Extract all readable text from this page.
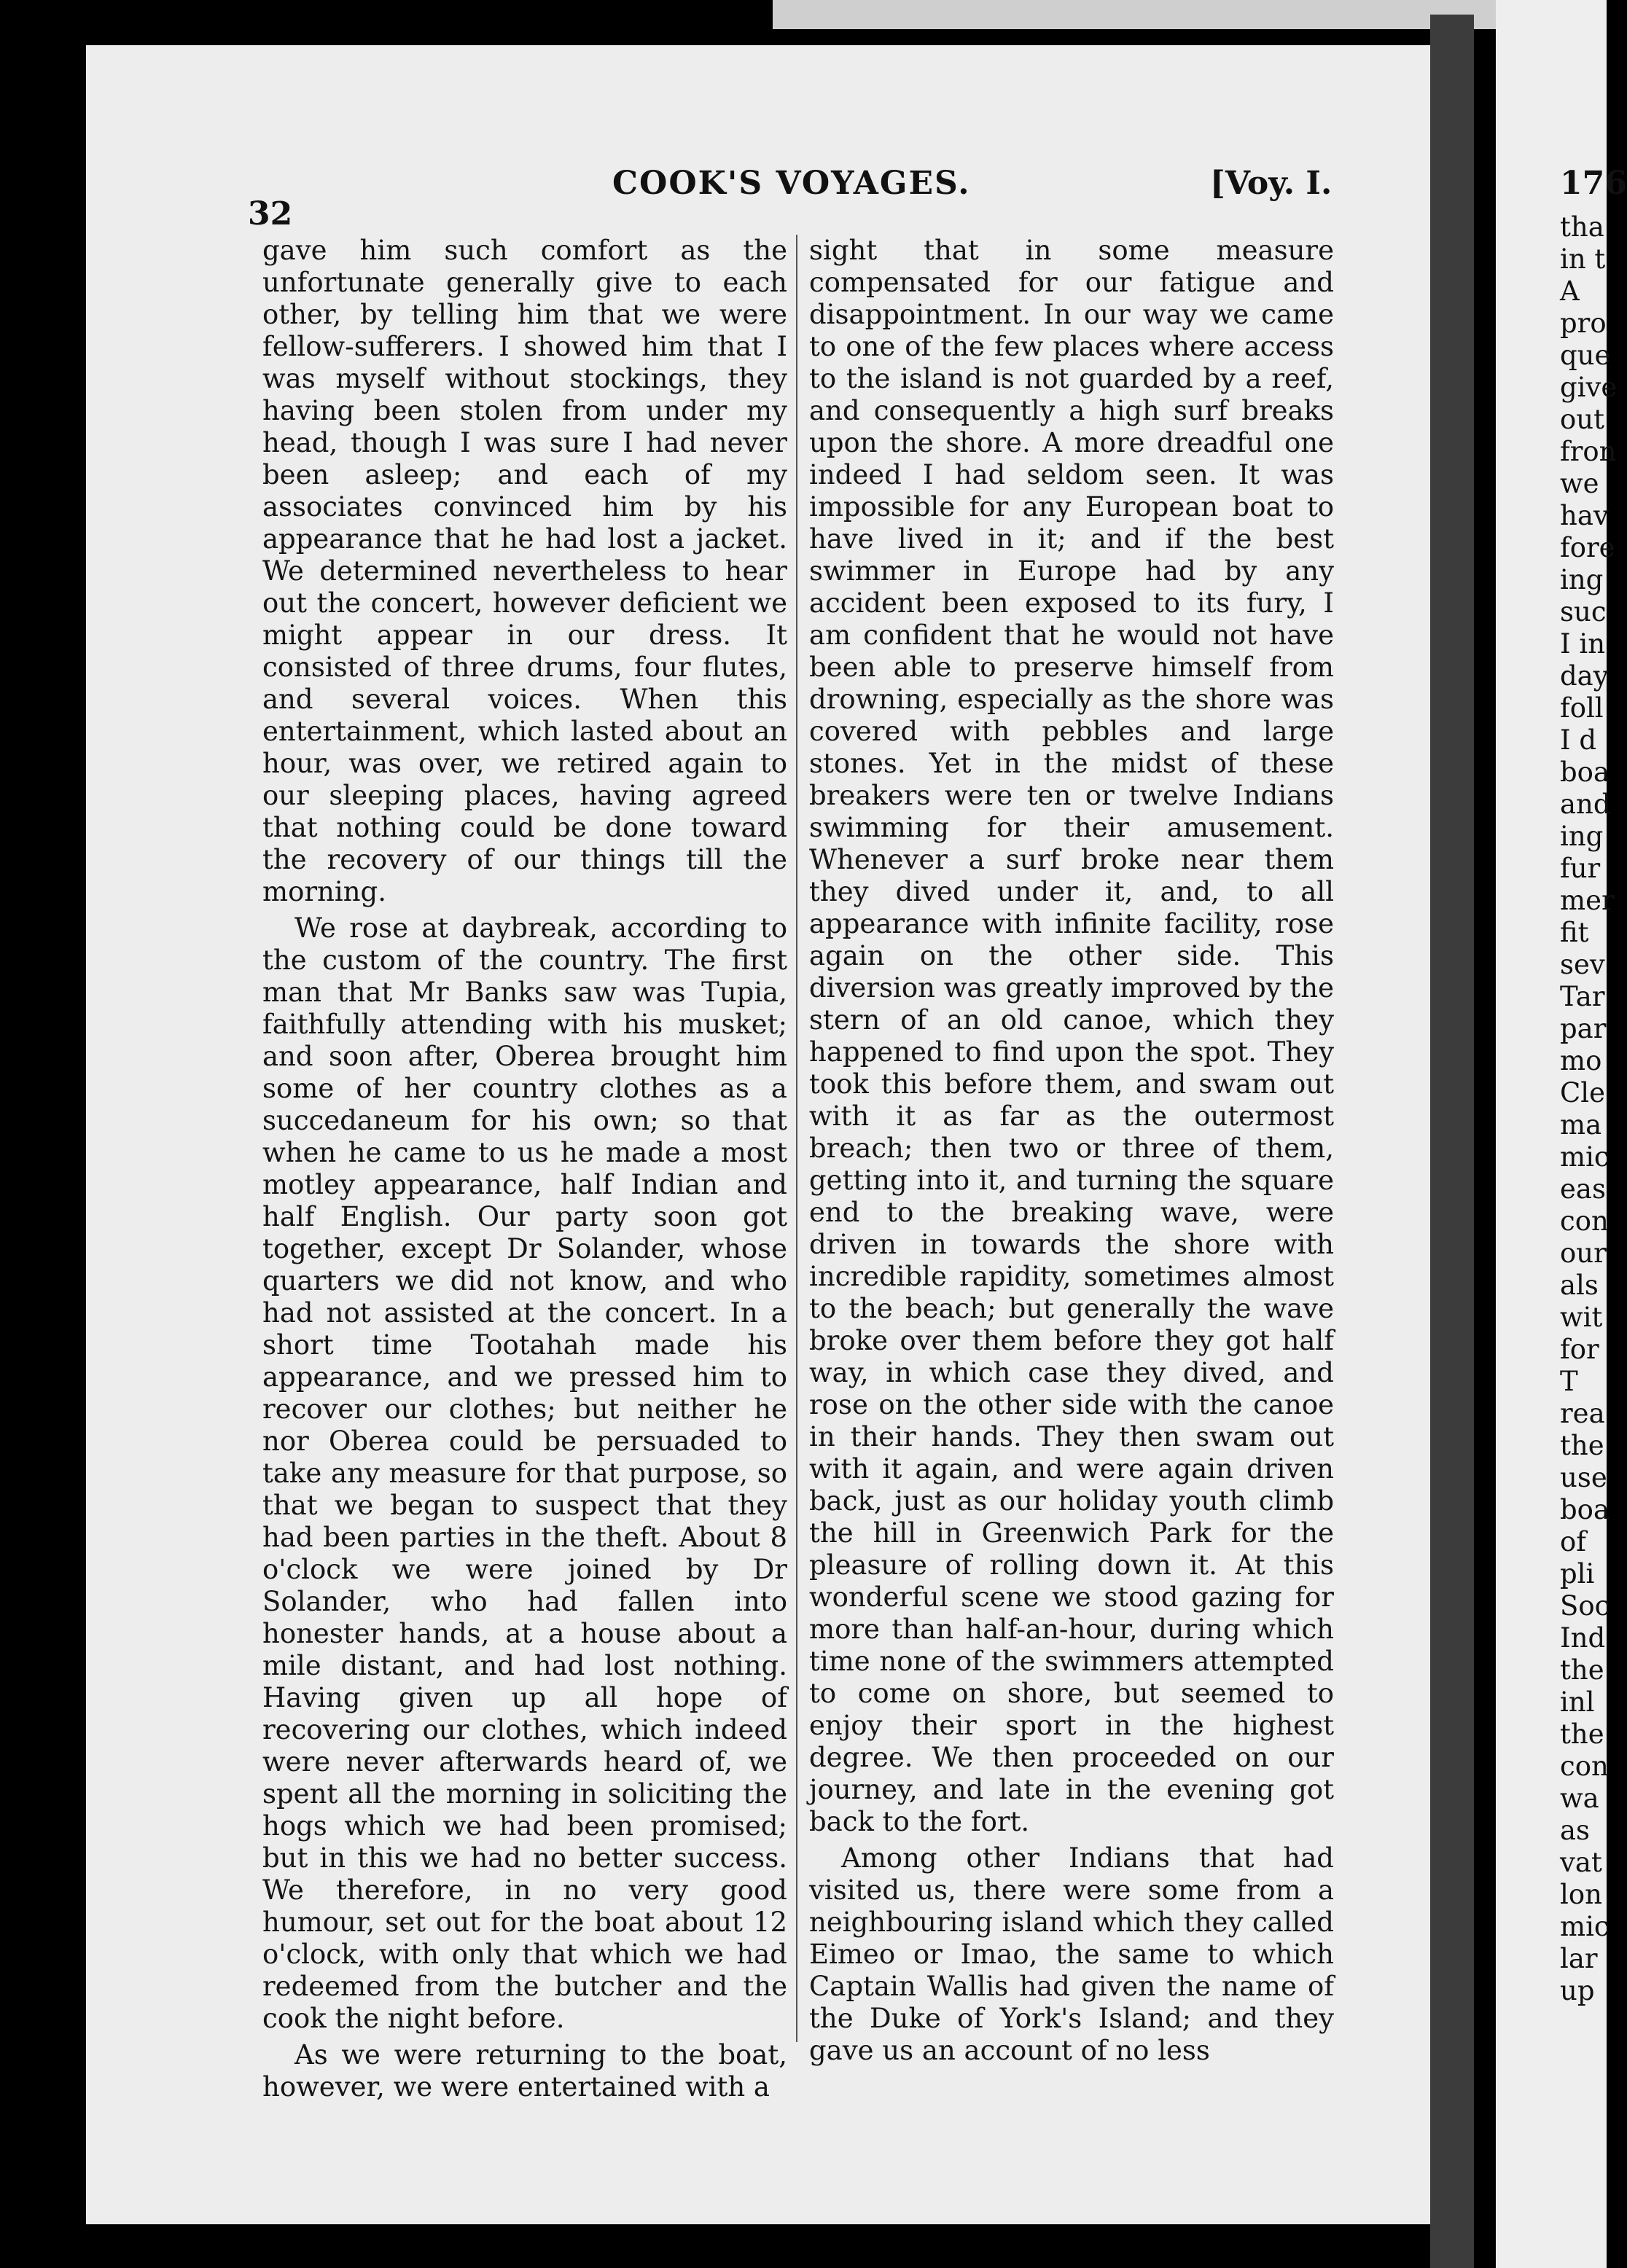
32
COOK'S VOYAGES.	[Voy. I.

gave him such comfort as the unfortunate generally give to each other, by telling him that we were fellow-sufferers. I showed him that I was myself without stockings, they having been stolen from under my head, though I was sure I had never been asleep; and each of my associates convinced him by his appearance that he had lost a jacket. We determined nevertheless to hear out the concert, however deficient we might appear in our dress. It consisted of three drums, four flutes, and several voices. When this entertainment, which lasted about an hour, was over, we retired again to our sleeping places, having agreed that nothing could be done toward the recovery of our things till the morning.

We rose at daybreak, according to the custom of the country. The first man that Mr Banks saw was Tupia, faithfully attending with his musket; and soon after, Oberea brought him some of her country clothes as a succedaneum for his own; so that when he came to us he made a most motley appearance, half Indian and half English. Our party soon got together, except Dr Solander, whose quarters we did not know, and who had not assisted at the concert. In a short time Tootahah made his appearance, and we pressed him to recover our clothes; but neither he nor Oberea could be persuaded to take any measure for that purpose, so that we began to suspect that they had been parties in the theft. About 8 o'clock we were joined by Dr Solander, who had fallen into honester hands, at a house about a mile distant, and had lost nothing. Having given up all hope of recovering our clothes, which indeed were never afterwards heard of, we spent all the morning in soliciting the hogs which we had been promised; but in this we had no better success. We therefore, in no very good humour, set out for the boat about 12 o'clock, with only that which we had redeemed from the butcher and the cook the night before.

As we were returning to the boat, however, we were entertained with a

sight that in some measure compensated for our fatigue and disappointment. In our way we came to one of the few places where access to the island is not guarded by a reef, and consequently a high surf breaks upon the shore. A more dreadful one indeed I had seldom seen. It was impossible for any European boat to have lived in it; and if the best swimmer in Europe had by any accident been exposed to its fury, I am confident that he would not have been able to preserve himself from drowning, especially as the shore was covered with pebbles and large stones. Yet in the midst of these breakers were ten or twelve Indians swimming for their amusement. Whenever a surf broke near them they dived under it, and, to all appearance with infinite facility, rose again on the other side. This diversion was greatly improved by the stern of an old canoe, which they happened to find upon the spot. They took this before them, and swam out with it as far as the outermost breach; then two or three of them, getting into it, and turning the square end to the breaking wave, were driven in towards the shore with incredible rapidity, sometimes almost to the beach; but generally the wave broke over them before they got half way, in which case they dived, and rose on the other side with the canoe in their hands. They then swam out with it again, and were again driven back, just as our holiday youth climb the hill in Greenwich Park for the pleasure of rolling down it. At this wonderful scene we stood gazing for more than half-an-hour, during which time none of the swimmers attempted to come on shore, but seemed to enjoy their sport in the highest degree. We then proceeded on our journey, and late in the evening got back to the fort.

Among other Indians that had visited us, there were some from a neighbouring island which they called Eimeo or Imao, the same to which Captain Wallis had given the name of the Duke of York's Island; and they gave us an account of no less

176
tha
in t
A
pro
que
give
out
fron
we
hav
fore
ing
suc
I in
day
foll
I d
boa
and
ing
fur
mer
fit
sev
Tar
par
mo
Cle
ma
mic
eas
con
our
als
wit
for
T
rea
the
use
boa
of
pli
Soc
Ind
the
inl
the
con
wa
as
vat
lon
mic
lar
up
